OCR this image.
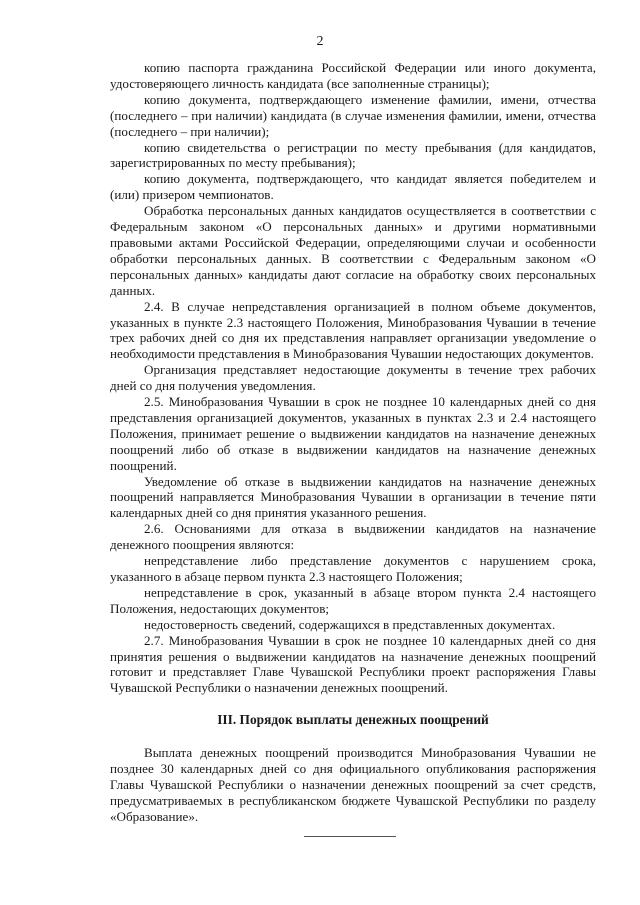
2

копию паспорта гражданина Российской Федерации или иного документа, удостоверяющего личность кандидата (все заполненные страницы);

копию документа, подтверждающего изменение фамилии, имени, отчества (последнего – при наличии) кандидата (в случае изменения фамилии, имени, отчества (последнего – при наличии);

копию свидетельства о регистрации по месту пребывания (для кандидатов, зарегистрированных по месту пребывания);

копию документа, подтверждающего, что кандидат является победителем и (или) призером чемпионатов.

Обработка персональных данных кандидатов осуществляется в соответствии с Федеральным законом «О персональных данных» и другими нормативными правовыми актами Российской Федерации, определяющими случаи и особенности обработки персональных данных. В соответствии с Федеральным законом «О персональных данных» кандидаты дают согласие на обработку своих персональных данных.

2.4. В случае непредставления организацией в полном объеме документов, указанных в пункте 2.3 настоящего Положения, Минобразования Чувашии в течение трех рабочих дней со дня их представления направляет организации уведомление о необходимости представления в Минобразования Чувашии недостающих документов.

Организация представляет недостающие документы в течение трех рабочих дней со дня получения уведомления.

2.5. Минобразования Чувашии в срок не позднее 10 календарных дней со дня представления организацией документов, указанных в пунктах 2.3 и 2.4 настоящего Положения, принимает решение о выдвижении кандидатов на назначение денежных поощрений либо об отказе в выдвижении кандидатов на назначение денежных поощрений.

Уведомление об отказе в выдвижении кандидатов на назначение денежных поощрений направляется Минобразования Чувашии в организации в течение пяти календарных дней со дня принятия указанного решения.

2.6. Основаниями для отказа в выдвижении кандидатов на назначение денежного поощрения являются:

непредставление либо представление документов с нарушением срока, указанного в абзаце первом пункта 2.3 настоящего Положения;

непредставление в срок, указанный в абзаце втором пункта 2.4 настоящего Положения, недостающих документов;

недостоверность сведений, содержащихся в представленных документах.

2.7. Минобразования Чувашии в срок не позднее 10 календарных дней со дня принятия решения о выдвижении кандидатов на назначение денежных поощрений готовит и представляет Главе Чувашской Республики проект распоряжения Главы Чувашской Республики о назначении денежных поощрений.

III. Порядок выплаты денежных поощрений

Выплата денежных поощрений производится Минобразования Чувашии не позднее 30 календарных дней со дня официального опубликования распоряжения Главы Чувашской Республики о назначении денежных поощрений за счет средств, предусматриваемых в республиканском бюджете Чувашской Республики по разделу «Образование».
